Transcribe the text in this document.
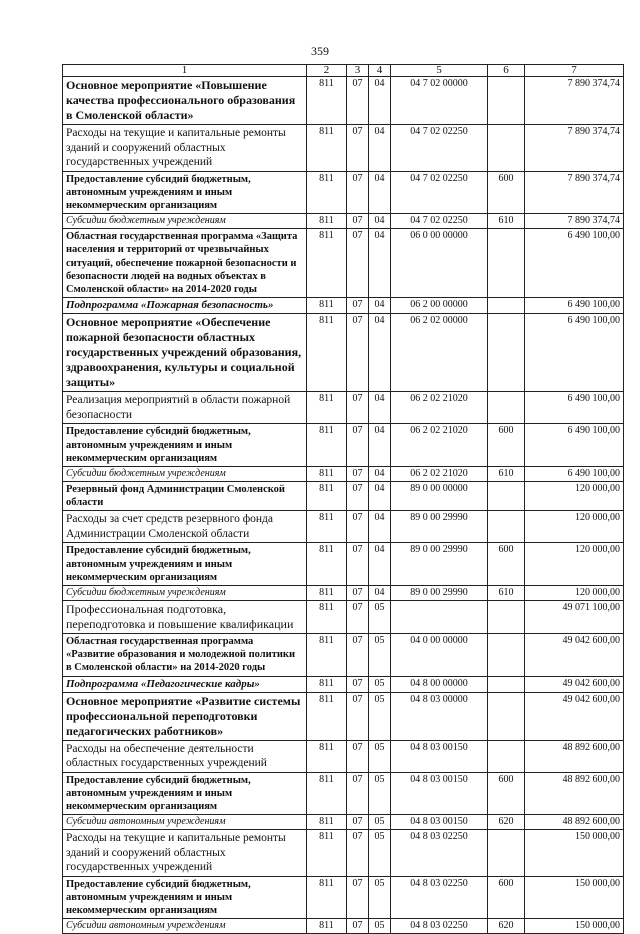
359
1	2	3	4	5	6	7
Основное мероприятие «Повышение качества профессионального образования в Смоленской области»	811	07	04	04 7 02 00000		7 890 374,74
Расходы на текущие и капитальные ремонты зданий и сооружений областных государственных учреждений	811	07	04	04 7 02 02250		7 890 374,74
Предоставление субсидий бюджетным, автономным учреждениям и иным некоммерческим организациям	811	07	04	04 7 02 02250	600	7 890 374,74
Субсидии бюджетным учреждениям	811	07	04	04 7 02 02250	610	7 890 374,74
Областная государственная программа «Защита населения и территорий от чрезвычайных ситуаций, обеспечение пожарной безопасности и безопасности людей на водных объектах в Смоленской области» на 2014-2020 годы	811	07	04	06 0 00 00000		6 490 100,00
Подпрограмма «Пожарная безопасность»	811	07	04	06 2 00 00000		6 490 100,00
Основное мероприятие «Обеспечение пожарной безопасности областных государственных учреждений образования, здравоохранения, культуры и социальной защиты»	811	07	04	06 2 02 00000		6 490 100,00
Реализация мероприятий в области пожарной безопасности	811	07	04	06 2 02 21020		6 490 100,00
Предоставление субсидий бюджетным, автономным учреждениям и иным некоммерческим организациям	811	07	04	06 2 02 21020	600	6 490 100,00
Субсидии бюджетным учреждениям	811	07	04	06 2 02 21020	610	6 490 100,00
Резервный фонд Администрации Смоленской области	811	07	04	89 0 00 00000		120 000,00
Расходы за счет средств резервного фонда Администрации Смоленской области	811	07	04	89 0 00 29990		120 000,00
Предоставление субсидий бюджетным, автономным учреждениям и иным некоммерческим организациям	811	07	04	89 0 00 29990	600	120 000,00
Субсидии бюджетным учреждениям	811	07	04	89 0 00 29990	610	120 000,00
Профессиональная подготовка, переподготовка и повышение квалификации	811	07	05			49 071 100,00
Областная государственная программа «Развитие образования и молодежной политики в Смоленской области» на 2014-2020 годы	811	07	05	04 0 00 00000		49 042 600,00
Подпрограмма «Педагогические кадры»	811	07	05	04 8 00 00000		49 042 600,00
Основное мероприятие «Развитие системы профессиональной переподготовки педагогических работников»	811	07	05	04 8 03 00000		49 042 600,00
Расходы на обеспечение деятельности областных государственных учреждений	811	07	05	04 8 03 00150		48 892 600,00
Предоставление субсидий бюджетным, автономным учреждениям и иным некоммерческим организациям	811	07	05	04 8 03 00150	600	48 892 600,00
Субсидии автономным учреждениям	811	07	05	04 8 03 00150	620	48 892 600,00
Расходы на текущие и капитальные ремонты зданий и сооружений областных государственных учреждений	811	07	05	04 8 03 02250		150 000,00
Предоставление субсидий бюджетным, автономным учреждениям и иным некоммерческим организациям	811	07	05	04 8 03 02250	600	150 000,00
Субсидии автономным учреждениям	811	07	05	04 8 03 02250	620	150 000,00
